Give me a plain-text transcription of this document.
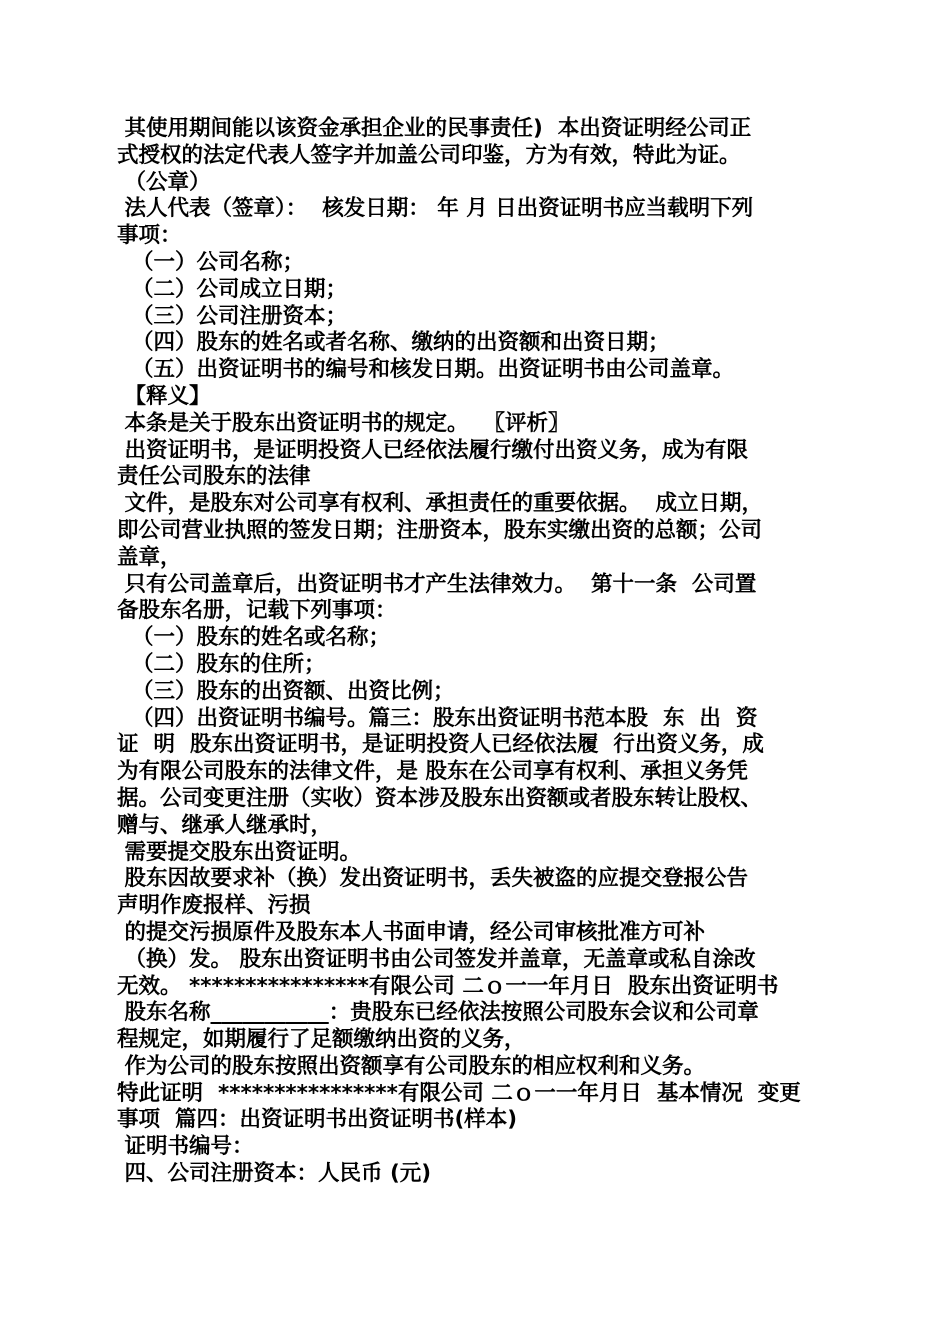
其使用期间能以该资金承担企业的民事责任)  本出资证明经公司正
式授权的法定代表人签字并加盖公司印鉴，方为有效，特此为证。
（公章）
法人代表（签章）：  核发日期： 年 月 日出资证明书应当载明下列
事项：
（一）公司名称；
（二）公司成立日期；
（三）公司注册资本；
（四）股东的姓名或者名称、缴纳的出资额和出资日期；
（五）出资证明书的编号和核发日期。出资证明书由公司盖章。
【释义】
本条是关于股东出资证明书的规定。  〖评析〗
出资证明书，是证明投资人已经依法履行缴付出资义务，成为有限
责任公司股东的法律
文件，是股东对公司享有权利、承担责任的重要依据。  成立日期，
即公司营业执照的签发日期；注册资本，股东实缴出资的总额；公司
盖章，
只有公司盖章后，出资证明书才产生法律效力。  第十一条  公司置
备股东名册，记载下列事项：
（一）股东的姓名或名称；
（二）股东的住所；
（三）股东的出资额、出资比例；
（四）出资证明书编号。篇三：股东出资证明书范本股  东  出  资
证  明  股东出资证明书，是证明投资人已经依法履  行出资义务，成
为有限公司股东的法律文件，是 股东在公司享有权利、承担义务凭
据。公司变更注册（实收）资本涉及股东出资额或者股东转让股权、
赠与、继承人继承时，
需要提交股东出资证明。
股东因故要求补（换）发出资证明书，丢失被盗的应提交登报公告
声明作废报样、污损
的提交污损原件及股东本人书面申请，经公司审核批准方可补
（换）发。 股东出资证明书由公司签发并盖章，无盖章或私自涂改
无效。 ****************有限公司 二ｏ一一年月日  股东出资证明书
股东名称___________：贵股东已经依法按照公司股东会议和公司章
程规定，如期履行了足额缴纳出资的义务，
作为公司的股东按照出资额享有公司股东的相应权利和义务。
特此证明  ****************有限公司 二ｏ一一年月日  基本情况  变更
事项  篇四：出资证明书出资证明书(样本)
证明书编号：
四、公司注册资本：人民币 (元)
